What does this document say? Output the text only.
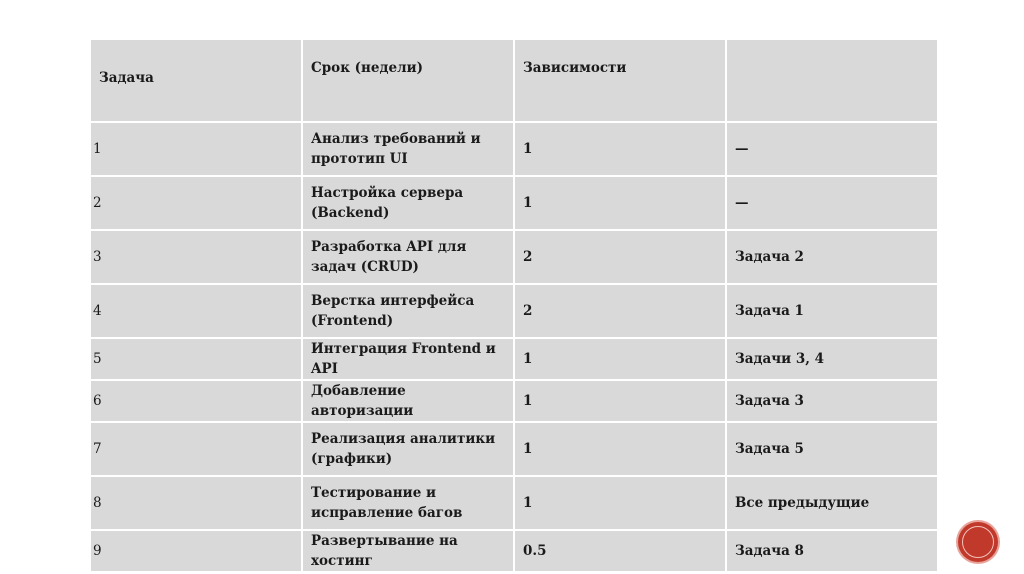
Задача	Срок (недели)	Зависимости	
1	Анализ требований и прототип UI	1	—
2	Настройка сервера (Backend)	1	—
3	Разработка API для задач (CRUD)	2	Задача 2
4	Верстка интерфейса (Frontend)	2	Задача 1
5	Интеграция Frontend и API	1	Задачи 3, 4
6	Добавление авторизации	1	Задача 3
7	Реализация аналитики (графики)	1	Задача 5
8	Тестирование и исправление багов	1	Все предыдущие
9	Развертывание на хостинг	0.5	Задача 8
